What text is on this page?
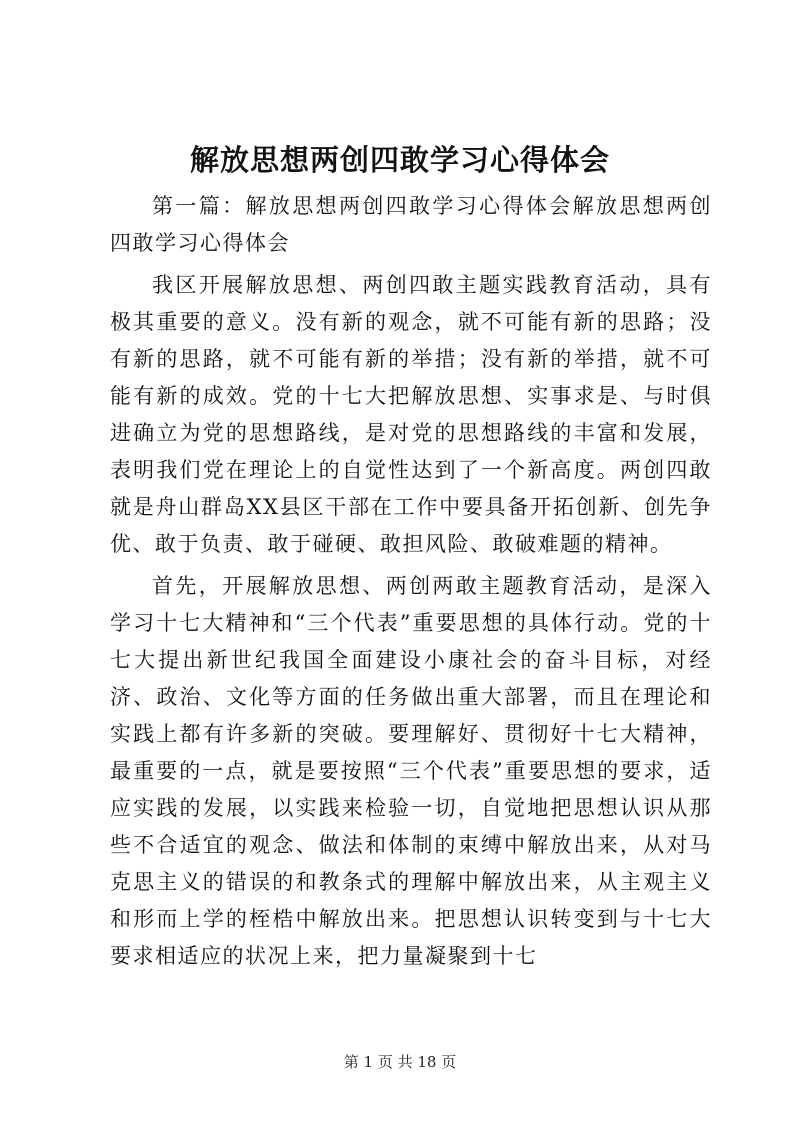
解放思想两创四敢学习心得体会

第一篇：解放思想两创四敢学习心得体会解放思想两创四敢学习心得体会

我区开展解放思想、两创四敢主题实践教育活动，具有极其重要的意义。没有新的观念，就不可能有新的思路；没有新的思路，就不可能有新的举措；没有新的举措，就不可能有新的成效。党的十七大把解放思想、实事求是、与时俱进确立为党的思想路线，是对党的思想路线的丰富和发展，表明我们党在理论上的自觉性达到了一个新高度。两创四敢就是舟山群岛XX县区干部在工作中要具备开拓创新、创先争优、敢于负责、敢于碰硬、敢担风险、敢破难题的精神。

首先，开展解放思想、两创两敢主题教育活动，是深入学习十七大精神和“三个代表”重要思想的具体行动。党的十七大提出新世纪我国全面建设小康社会的奋斗目标，对经济、政治、文化等方面的任务做出重大部署，而且在理论和实践上都有许多新的突破。要理解好、贯彻好十七大精神，最重要的一点，就是要按照“三个代表”重要思想的要求，适应实践的发展，以实践来检验一切，自觉地把思想认识从那些不合适宜的观念、做法和体制的束缚中解放出来，从对马克思主义的错误的和教条式的理解中解放出来，从主观主义和形而上学的桎梏中解放出来。把思想认识转变到与十七大要求相适应的状况上来，把力量凝聚到十七

第 1 页 共 18 页
